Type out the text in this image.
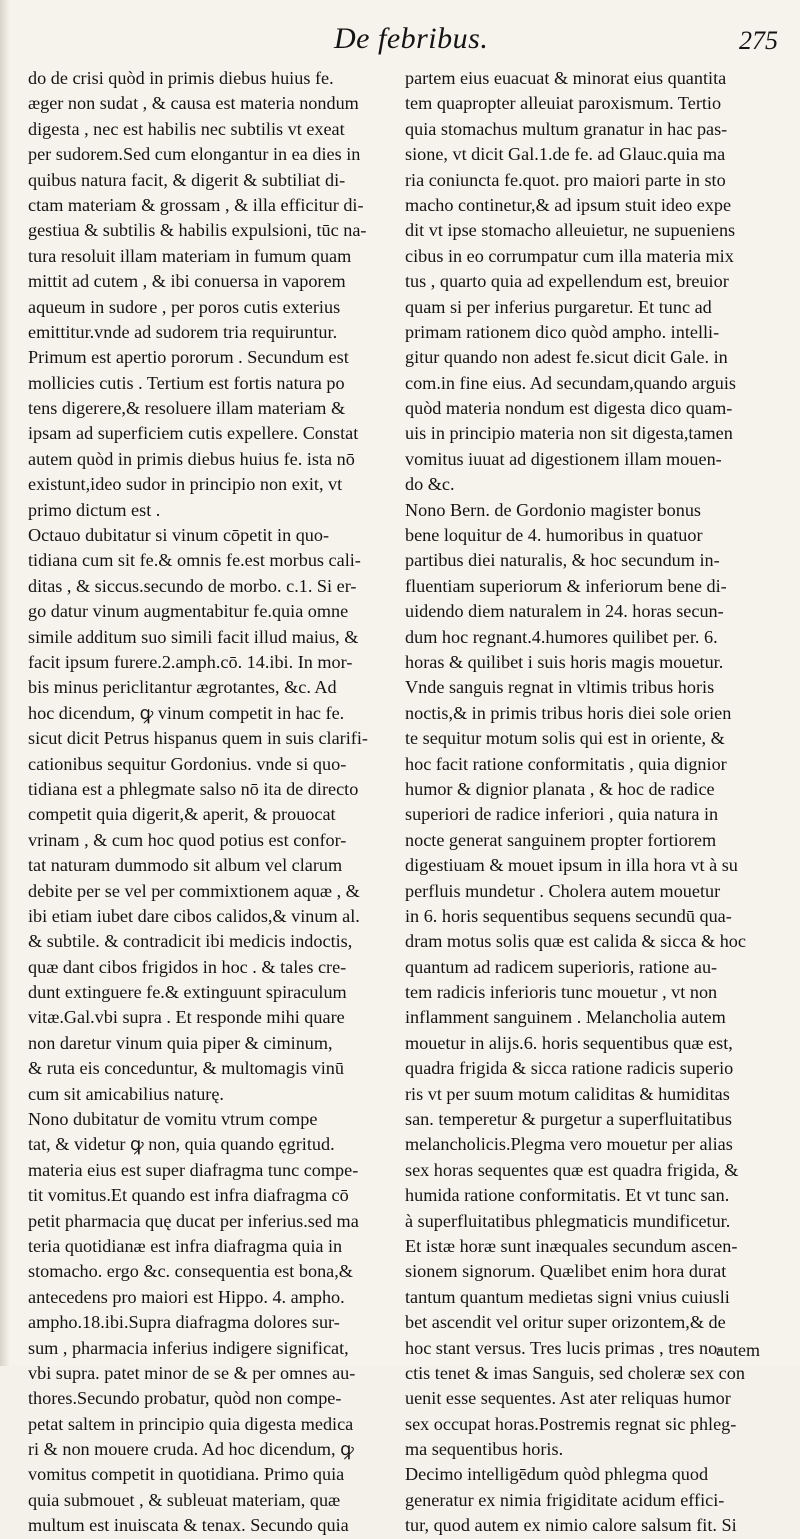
De febribus.	275
do de crisi quòd in primis diebus huius fe.
æger non sudat , & causa est materia nondum
digesta , nec est habilis nec subtilis vt exeat
per sudorem.Sed cum elongantur in ea dies in
quibus natura facit, & digerit & subtiliat di-
ctam materiam & grossam , & illa efficitur di-
gestiua & subtilis & habilis expulsioni, tūc na-
tura resoluit illam materiam in fumum quam
mittit ad cutem , & ibi conuersa in vaporem
aqueum in sudore , per poros cutis exterius
emittitur.vnde ad sudorem tria requiruntur.
Primum est apertio pororum . Secundum est
mollicies cutis . Tertium est fortis natura po
tens digerere,& resoluere illam materiam &
ipsam ad superficiem cutis expellere. Constat
autem quòd in primis diebus huius fe. ista nō
existunt,ideo sudor in principio non exit, vt
primo dictum est .
Octauo dubitatur si vinum cōpetit in quo-
tidiana cum sit fe.& omnis fe.est morbus cali-
ditas , & siccus.secundo de morbo. c.1. Si er-
go datur vinum augmentabitur fe.quia omne
simile additum suo simili facit illud maius, &
facit ipsum furere.2.amph.cō. 14.ibi. In mor-
bis minus periclitantur ægrotantes, &c. Ad
hoc dicendum, ꝙ vinum competit in hac fe.
sicut dicit Petrus hispanus quem in suis clarifi-
cationibus sequitur Gordonius. vnde si quo-
tidiana est a phlegmate salso nō ita de directo
competit quia digerit,& aperit, & prouocat
vrinam , & cum hoc quod potius est confor-
tat naturam dummodo sit album vel clarum
debite per se vel per commixtionem aquæ , &
ibi etiam iubet dare cibos calidos,& vinum al.
& subtile. & contradicit ibi medicis indoctis,
quæ dant cibos frigidos in hoc . & tales cre-
dunt extinguere fe.& extinguunt spiraculum
vitæ.Gal.vbi supra . Et responde mihi quare
non daretur vinum quia piper & ciminum,
& ruta eis conceduntur, & multomagis vinū
cum sit amicabilius naturę.
Nono dubitatur de vomitu vtrum compe
tat, & videtur ꝙ non, quia quando ęgritud.
materia eius est super diafragma tunc compe-
tit vomitus.Et quando est infra diafragma cō
petit pharmacia quę ducat per inferius.sed ma
teria quotidianæ est infra diafragma quia in
stomacho. ergo &c. consequentia est bona,&
antecedens pro maiori est Hippo. 4. ampho.
ampho.18.ibi.Supra diafragma dolores sur-
sum , pharmacia inferius indigere significat,
vbi supra. patet minor de se & per omnes au-
thores.Secundo probatur, quòd non compe-
petat saltem in principio quia digesta medica
ri & non mouere cruda. Ad hoc dicendum, ꝙ
vomitus competit in quotidiana. Primo quia
quia submouet , & subleuat materiam, quæ
multum est inuiscata & tenax. Secundo quia
partem eius euacuat & minorat eius quantita
tem quapropter alleuiat paroxismum. Tertio
quia stomachus multum granatur in hac pas-
sione, vt dicit Gal.1.de fe. ad Glauc.quia ma
ria coniuncta fe.quot. pro maiori parte in sto
macho continetur,& ad ipsum stuit ideo expe
dit vt ipse stomacho alleuietur, ne supueniens
cibus in eo corrumpatur cum illa materia mix
tus , quarto quia ad expellendum est, breuior
quam si per inferius purgaretur. Et tunc ad
primam rationem dico quòd ampho. intelli-
gitur quando non adest fe.sicut dicit Gale. in
com.in fine eius. Ad secundam,quando arguis
quòd materia nondum est digesta dico quam-
uis in principio materia non sit digesta,tamen
vomitus iuuat ad digestionem illam mouen-
do &c.
Nono Bern. de Gordonio magister bonus
bene loquitur de 4. humoribus in quatuor
partibus diei naturalis, & hoc secundum in-
fluentiam superiorum & inferiorum bene di-
uidendo diem naturalem in 24. horas secun-
dum hoc regnant.4.humores quilibet per. 6.
horas & quilibet i suis horis magis mouetur.
Vnde sanguis regnat in vltimis tribus horis
noctis,& in primis tribus horis diei sole orien
te sequitur motum solis qui est in oriente, &
hoc facit ratione conformitatis , quia dignior
humor & dignior planata , & hoc de radice
superiori de radice inferiori , quia natura in
nocte generat sanguinem propter fortiorem
digestiuam & mouet ipsum in illa hora vt à su
perfluis mundetur . Cholera autem mouetur
in 6. horis sequentibus sequens secundū qua-
dram motus solis quæ est calida & sicca & hoc
quantum ad radicem superioris, ratione au-
tem radicis inferioris tunc mouetur , vt non
inflamment sanguinem . Melancholia autem
mouetur in alijs.6. horis sequentibus quæ est,
quadra frigida & sicca ratione radicis superio
ris vt per suum motum caliditas & humiditas
san. temperetur & purgetur a superfluitatibus
melancholicis.Plegma vero mouetur per alias
sex horas sequentes quæ est quadra frigida, &
humida ratione conformitatis. Et vt tunc san.
à superfluitatibus phlegmaticis mundificetur.
Et istæ horæ sunt inæquales secundum ascen-
sionem signorum. Quælibet enim hora durat
tantum quantum medietas signi vnius cuiusli
bet ascendit vel oritur super orizontem,& de
hoc stant versus. Tres lucis primas , tres no-
ctis tenet & imas Sanguis, sed choleræ sex con
uenit esse sequentes. Ast ater reliquas humor
sex occupat horas.Postremis regnat sic phleg-
ma sequentibus horis.
Decimo intelligēdum quòd phlegma quod
generatur ex nimia frigiditate acidum effici-
tur, quod autem ex nimio calore salsum fit. Si
autem
